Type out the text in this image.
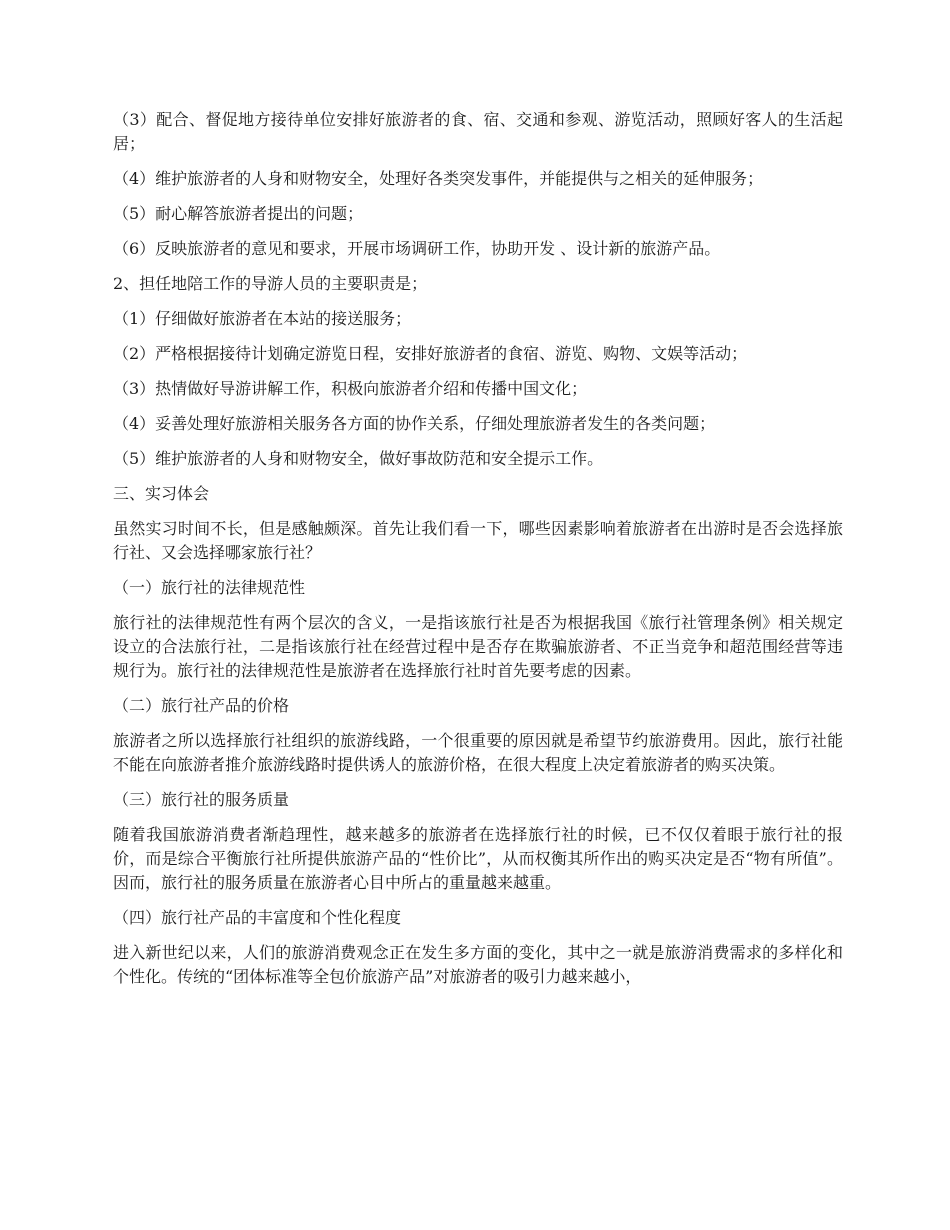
（3）配合、督促地方接待单位安排好旅游者的食、宿、交通和参观、游览活动，照顾好客人的生活起居；

（4）维护旅游者的人身和财物安全，处理好各类突发事件，并能提供与之相关的延伸服务；

（5）耐心解答旅游者提出的问题；

（6）反映旅游者的意见和要求，开展市场调研工作，协助开发 、设计新的旅游产品。

2、担任地陪工作的导游人员的主要职责是；

（1）仔细做好旅游者在本站的接送服务；

（2）严格根据接待计划确定游览日程，安排好旅游者的食宿、游览、购物、文娱等活动；

（3）热情做好导游讲解工作，积极向旅游者介绍和传播中国文化；

（4）妥善处理好旅游相关服务各方面的协作关系，仔细处理旅游者发生的各类问题；

（5）维护旅游者的人身和财物安全，做好事故防范和安全提示工作。

三、实习体会

虽然实习时间不长，但是感触颇深。首先让我们看一下，哪些因素影响着旅游者在出游时是否会选择旅行社、又会选择哪家旅行社？

（一）旅行社的法律规范性

旅行社的法律规范性有两个层次的含义，一是指该旅行社是否为根据我国《旅行社管理条例》相关规定设立的合法旅行社，二是指该旅行社在经营过程中是否存在欺骗旅游者、不正当竞争和超范围经营等违规行为。旅行社的法律规范性是旅游者在选择旅行社时首先要考虑的因素。

（二）旅行社产品的价格

旅游者之所以选择旅行社组织的旅游线路，一个很重要的原因就是希望节约旅游费用。因此，旅行社能不能在向旅游者推介旅游线路时提供诱人的旅游价格，在很大程度上决定着旅游者的购买决策。

（三）旅行社的服务质量

随着我国旅游消费者渐趋理性，越来越多的旅游者在选择旅行社的时候，已不仅仅着眼于旅行社的报价，而是综合平衡旅行社所提供旅游产品的“性价比”，从而权衡其所作出的购买决定是否“物有所值”。因而，旅行社的服务质量在旅游者心目中所占的重量越来越重。

（四）旅行社产品的丰富度和个性化程度

进入新世纪以来，人们的旅游消费观念正在发生多方面的变化，其中之一就是旅游消费需求的多样化和个性化。传统的“团体标准等全包价旅游产品”对旅游者的吸引力越来越小，
